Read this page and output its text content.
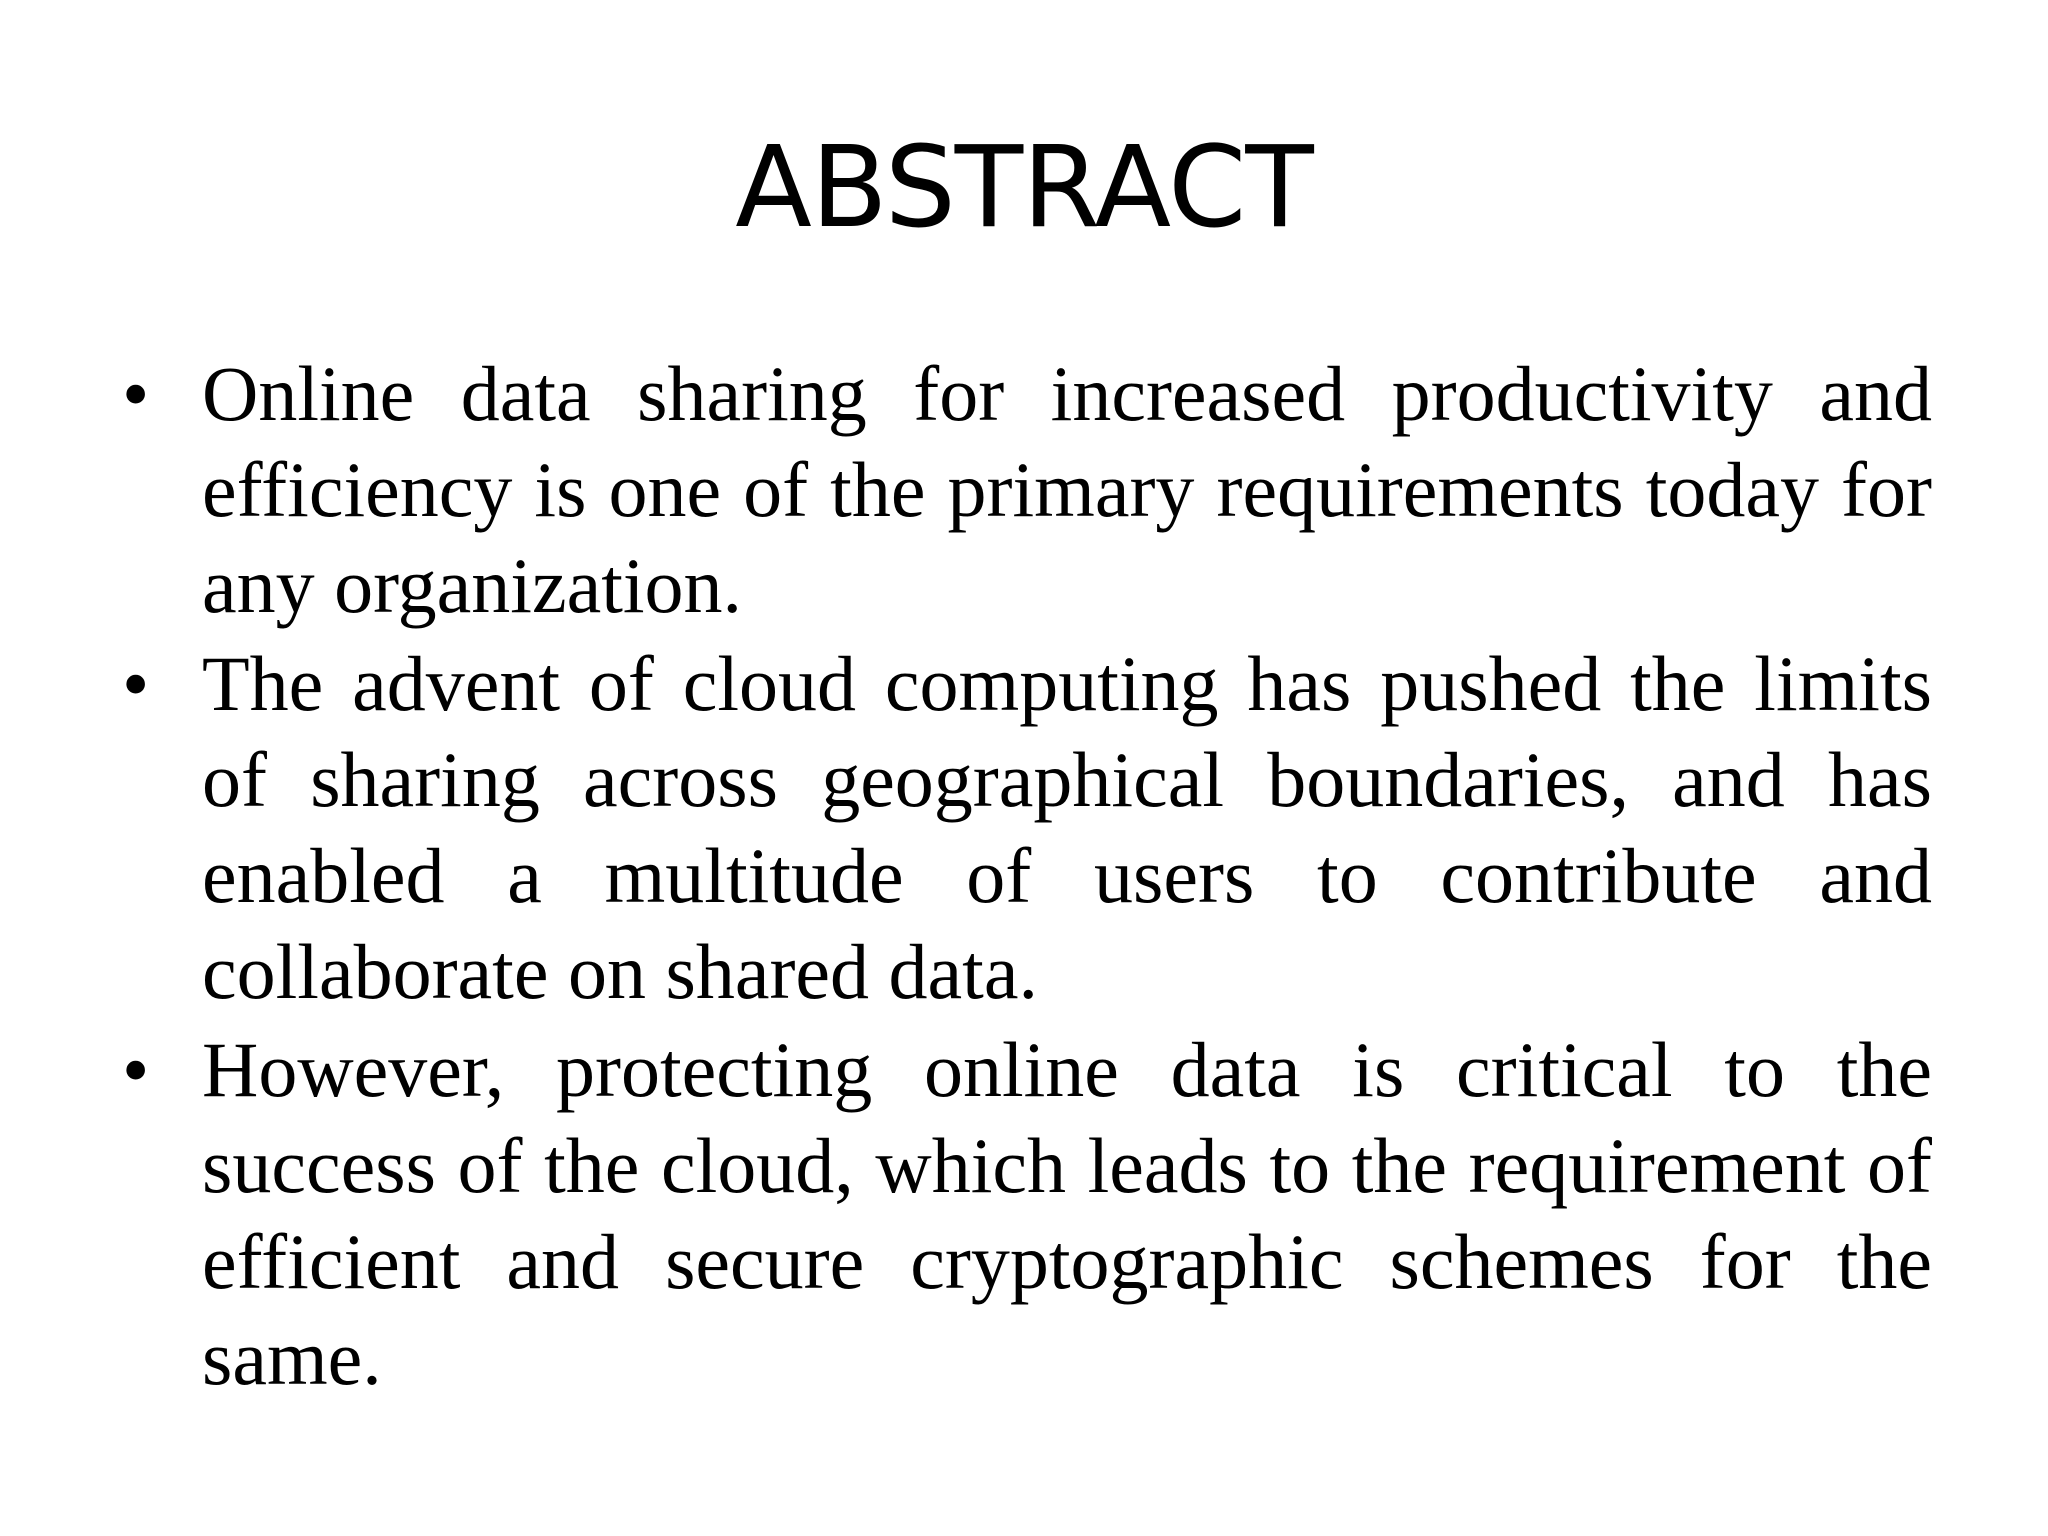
ABSTRACT
• Online data sharing for increased productivity and efficiency is one of the primary requirements today for any organization.
• The advent of cloud computing has pushed the limits of sharing across geographical boundaries, and has enabled a multitude of users to contribute and collaborate on shared data.
• However, protecting online data is critical to the success of the cloud, which leads to the requirement of efficient and secure cryptographic schemes for the same.
